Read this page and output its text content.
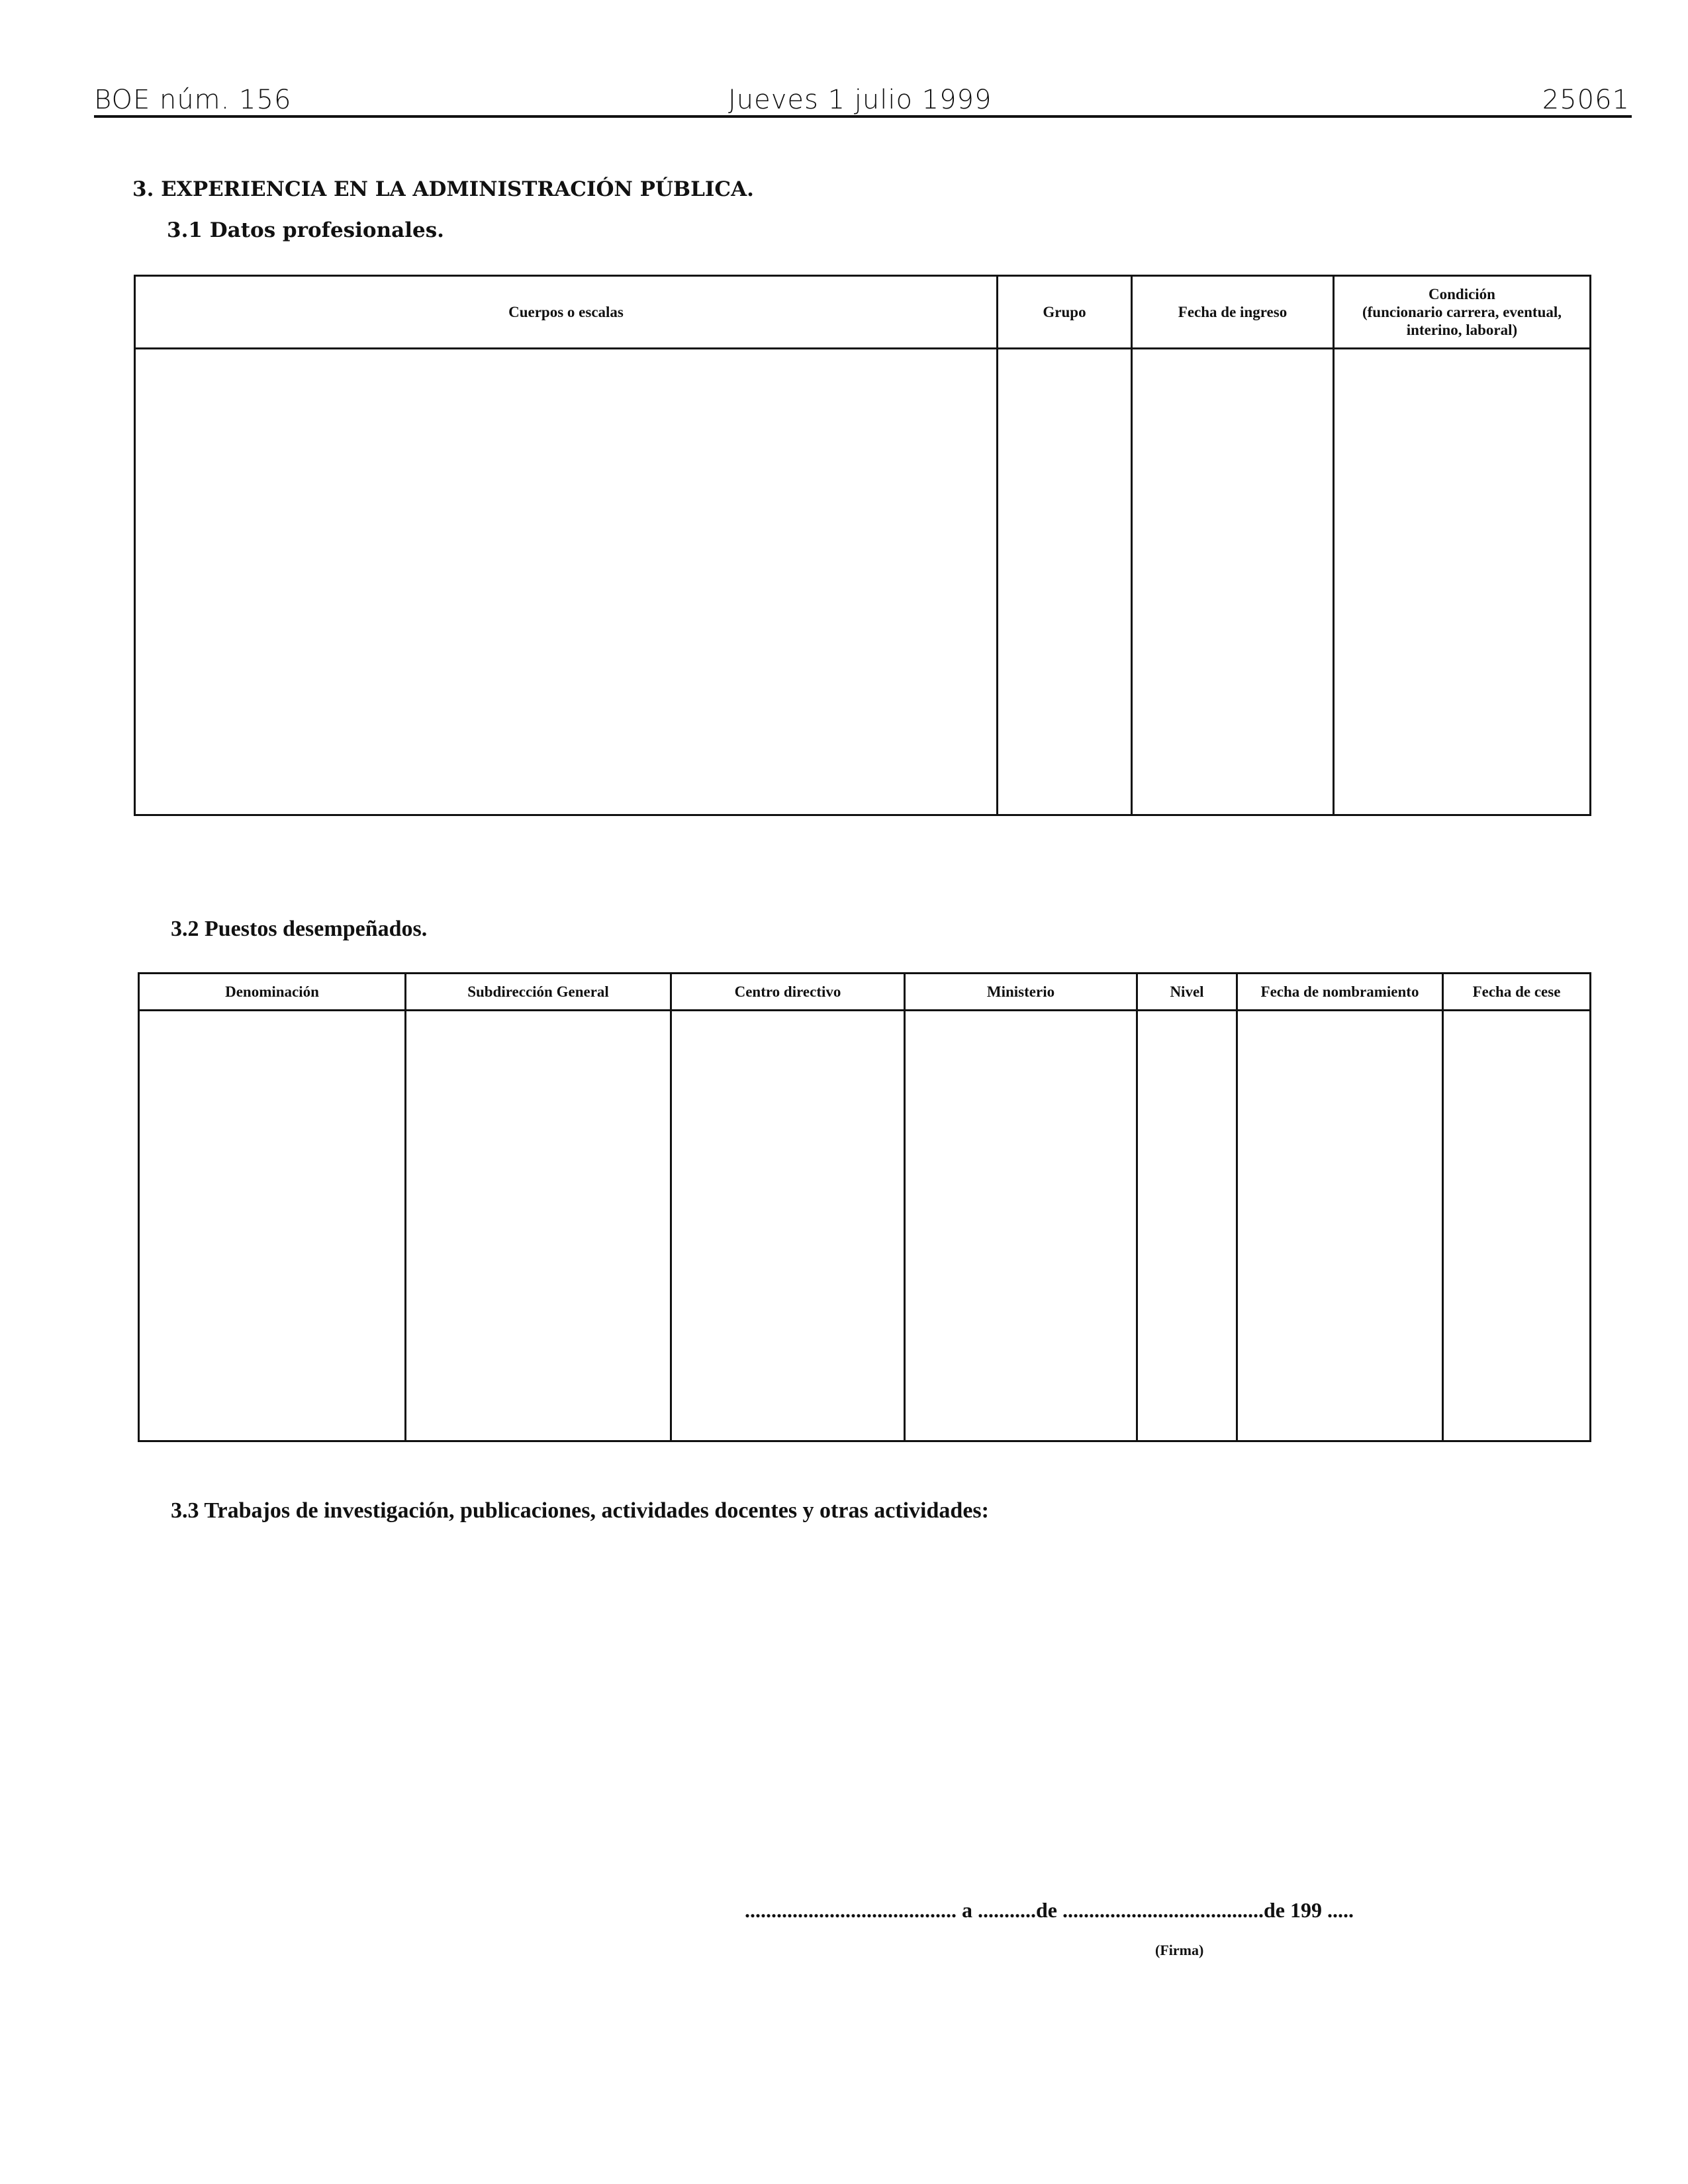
BOE núm. 156	Jueves 1 julio 1999	25061
3. EXPERIENCIA EN LA ADMINISTRACIÓN PÚBLICA.
3.1 Datos profesionales.
Cuerpos o escalas	Grupo	Fecha de ingreso	Condición
(funcionario carrera, eventual, interino, laboral)

3.2 Puestos desempeñados.
Denominación	Subdirección General	Centro directivo	Ministerio	Nivel	Fecha de nombramiento	Fecha de cese

3.3 Trabajos de investigación, publicaciones, actividades docentes y otras actividades:
........................................ a ...........de ......................................de 199 .....
(Firma)
